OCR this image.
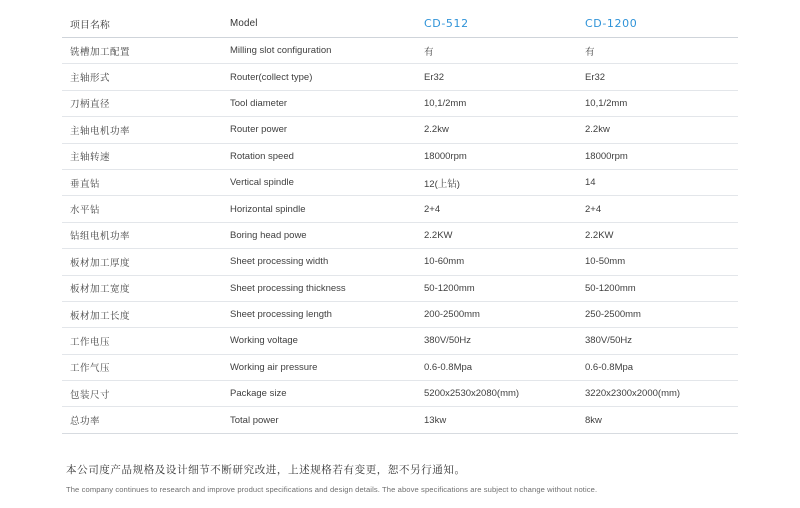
项目名称	Model	CD-512	CD-1200
铣槽加工配置	Milling slot configuration	有	有
主轴形式	Router(collect type)	Er32	Er32
刀柄直径	Tool diameter	10,1/2mm	10,1/2mm
主轴电机功率	Router power	2.2kw	2.2kw
主轴转速	Rotation speed	18000rpm	18000rpm
垂直钻	Vertical spindle	12(上钻)	14
水平钻	Horizontal spindle	2+4	2+4
钻组电机功率	Boring head powe	2.2KW	2.2KW
板材加工厚度	Sheet processing width	10-60mm	10-50mm
板材加工宽度	Sheet processing thickness	50-1200mm	50-1200mm
板材加工长度	Sheet processing length	200-2500mm	250-2500mm
工作电压	Working voltage	380V/50Hz	380V/50Hz
工作气压	Working air pressure	0.6-0.8Mpa	0.6-0.8Mpa
包装尺寸	Package size	5200x2530x2080(mm)	3220x2300x2000(mm)
总功率	Total power	13kw	8kw
本公司度产品规格及设计细节不断研究改进，上述规格若有变更，恕不另行通知。
The company continues to research and improve product specifications and design details. The above specifications are subject to change without notice.
